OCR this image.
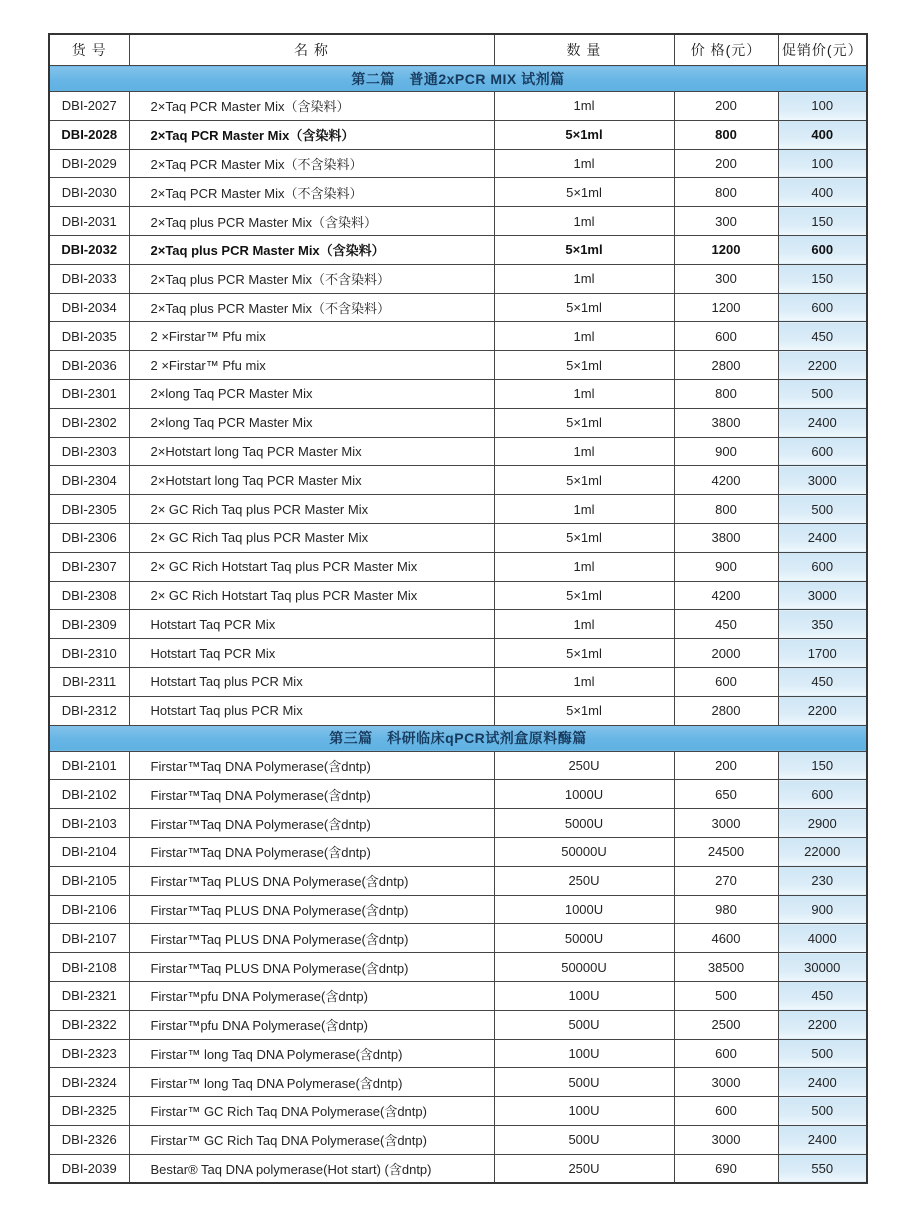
货 号	名 称	数 量	价 格(元）	促销价(元）
第二篇　普通2xPCR MIX 试剂篇				
DBI-2027	2×Taq PCR Master Mix（含染料）	1ml	200	100
DBI-2028	2×Taq PCR Master Mix（含染料）	5×1ml	800	400
DBI-2029	2×Taq PCR Master Mix（不含染料）	1ml	200	100
DBI-2030	2×Taq PCR Master Mix（不含染料）	5×1ml	800	400
DBI-2031	2×Taq plus PCR Master Mix（含染料）	1ml	300	150
DBI-2032	2×Taq plus PCR Master Mix（含染料）	5×1ml	1200	600
DBI-2033	2×Taq plus PCR Master Mix（不含染料）	1ml	300	150
DBI-2034	2×Taq plus PCR Master Mix（不含染料）	5×1ml	1200	600
DBI-2035	2 ×Firstar™ Pfu mix	1ml	600	450
DBI-2036	2 ×Firstar™ Pfu mix	5×1ml	2800	2200
DBI-2301	2×long Taq PCR Master Mix	1ml	800	500
DBI-2302	2×long Taq PCR Master Mix	5×1ml	3800	2400
DBI-2303	2×Hotstart long Taq PCR Master Mix	1ml	900	600
DBI-2304	2×Hotstart long Taq PCR Master Mix	5×1ml	4200	3000
DBI-2305	2× GC Rich Taq plus PCR Master Mix	1ml	800	500
DBI-2306	2× GC Rich Taq plus PCR Master Mix	5×1ml	3800	2400
DBI-2307	2× GC Rich Hotstart Taq plus PCR Master Mix	1ml	900	600
DBI-2308	2× GC Rich Hotstart Taq plus PCR Master Mix	5×1ml	4200	3000
DBI-2309	Hotstart Taq PCR Mix	1ml	450	350
DBI-2310	Hotstart Taq PCR Mix	5×1ml	2000	1700
DBI-2311	Hotstart Taq plus PCR Mix	1ml	600	450
DBI-2312	Hotstart Taq plus PCR Mix	5×1ml	2800	2200
第三篇　科研临床qPCR试剂盒原料酶篇				
DBI-2101	Firstar™Taq DNA Polymerase(含dntp)	250U	200	150
DBI-2102	Firstar™Taq DNA Polymerase(含dntp)	1000U	650	600
DBI-2103	Firstar™Taq DNA Polymerase(含dntp)	5000U	3000	2900
DBI-2104	Firstar™Taq DNA Polymerase(含dntp)	50000U	24500	22000
DBI-2105	Firstar™Taq PLUS DNA Polymerase(含dntp)	250U	270	230
DBI-2106	Firstar™Taq PLUS DNA Polymerase(含dntp)	1000U	980	900
DBI-2107	Firstar™Taq PLUS DNA Polymerase(含dntp)	5000U	4600	4000
DBI-2108	Firstar™Taq PLUS DNA Polymerase(含dntp)	50000U	38500	30000
DBI-2321	Firstar™pfu DNA Polymerase(含dntp)	100U	500	450
DBI-2322	Firstar™pfu DNA Polymerase(含dntp)	500U	2500	2200
DBI-2323	Firstar™ long Taq DNA Polymerase(含dntp)	100U	600	500
DBI-2324	Firstar™ long Taq DNA Polymerase(含dntp)	500U	3000	2400
DBI-2325	Firstar™ GC Rich Taq DNA Polymerase(含dntp)	100U	600	500
DBI-2326	Firstar™ GC Rich Taq DNA Polymerase(含dntp)	500U	3000	2400
DBI-2039	Bestar® Taq DNA polymerase(Hot start) (含dntp)	250U	690	550
